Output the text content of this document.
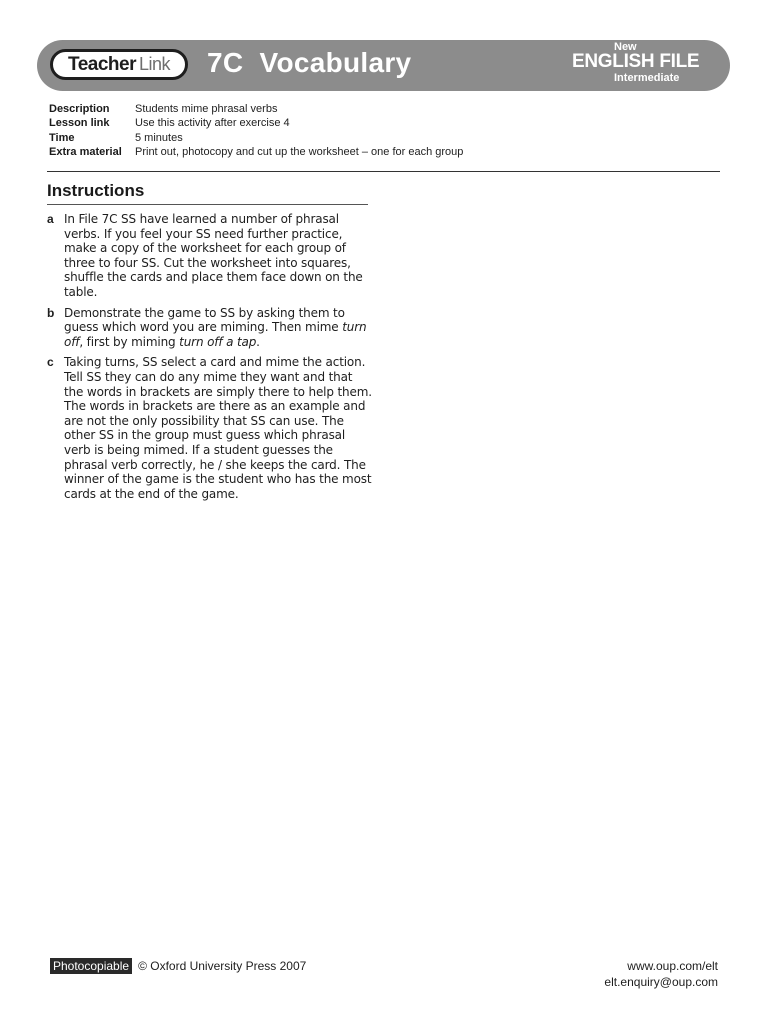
Teacher Link 7C  Vocabulary	New
ENGLISH FILE
Intermediate
Description	Students mime phrasal verbs
Lesson link	Use this activity after exercise 4
Time	5 minutes
Extra material	Print out, photocopy and cut up the worksheet – one for each group
Instructions
a In File 7C SS have learned a number of phrasal verbs. If you feel your SS need further practice, make a copy of the worksheet for each group of three to four SS. Cut the worksheet into squares, shuffle the cards and place them face down on the table.
b Demonstrate the game to SS by asking them to guess which word you are miming. Then mime turn off, first by miming turn off a tap.
c Taking turns, SS select a card and mime the action. Tell SS they can do any mime they want and that the words in brackets are simply there to help them. The words in brackets are there as an example and are not the only possibility that SS can use. The other SS in the group must guess which phrasal verb is being mimed. If a student guesses the phrasal verb correctly, he / she keeps the card. The winner of the game is the student who has the most cards at the end of the game.
Photocopiable © Oxford University Press 2007	www.oup.com/elt
elt.enquiry@oup.com
